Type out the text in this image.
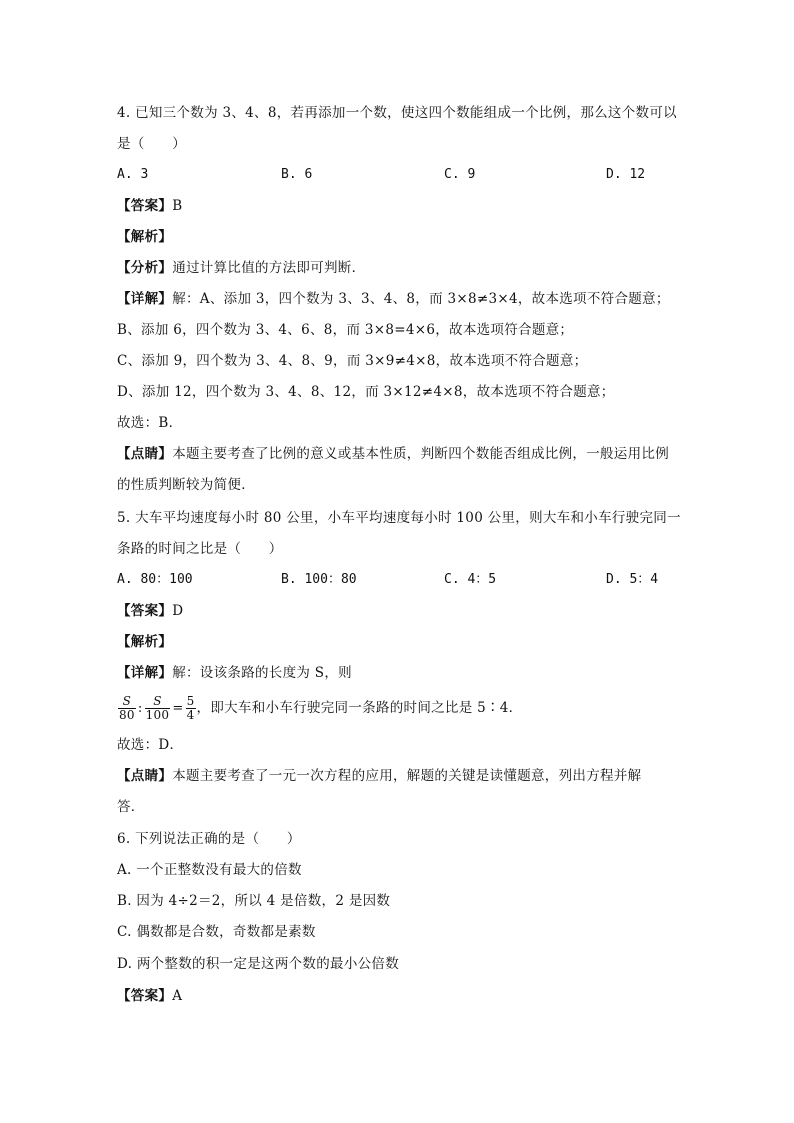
4. 已知三个数为 3、4、8，若再添加一个数，使这四个数能组成一个比例，那么这个数可以
是（　　）
A. 3	B. 6	C. 9	D. 12
【答案】B
【解析】
【分析】通过计算比值的方法即可判断．
【详解】解：A、添加 3，四个数为 3、3、4、8，而 3×8≠3×4，故本选项不符合题意；
B、添加 6，四个数为 3、4、6、8，而 3×8=4×6，故本选项符合题意；
C、添加 9，四个数为 3、4、8、9，而 3×9≠4×8，故本选项不符合题意；
D、添加 12，四个数为 3、4、8、12，而 3×12≠4×8，故本选项不符合题意；
故选：B．
【点睛】本题主要考查了比例的意义或基本性质，判断四个数能否组成比例，一般运用比例
的性质判断较为简便．
5. 大车平均速度每小时 80 公里，小车平均速度每小时 100 公里，则大车和小车行驶完同一
条路的时间之比是（　　）
A. 80：100	B. 100：80	C. 4：5	D. 5：4
【答案】D
【解析】
【详解】解：设该条路的长度为 S，则
$\frac{S}{80}$ : $\frac{S}{100} = \frac{5}{4}$ ，即大车和小车行驶完同一条路的时间之比是 5∶4．
故选：D．
【点睛】本题主要考查了一元一次方程的应用，解题的关键是读懂题意，列出方程并解
答．
6. 下列说法正确的是（　　）
A. 一个正整数没有最大的倍数
B. 因为 4÷2＝2，所以 4 是倍数，2 是因数
C. 偶数都是合数，奇数都是素数
D. 两个整数的积一定是这两个数的最小公倍数
【答案】A
